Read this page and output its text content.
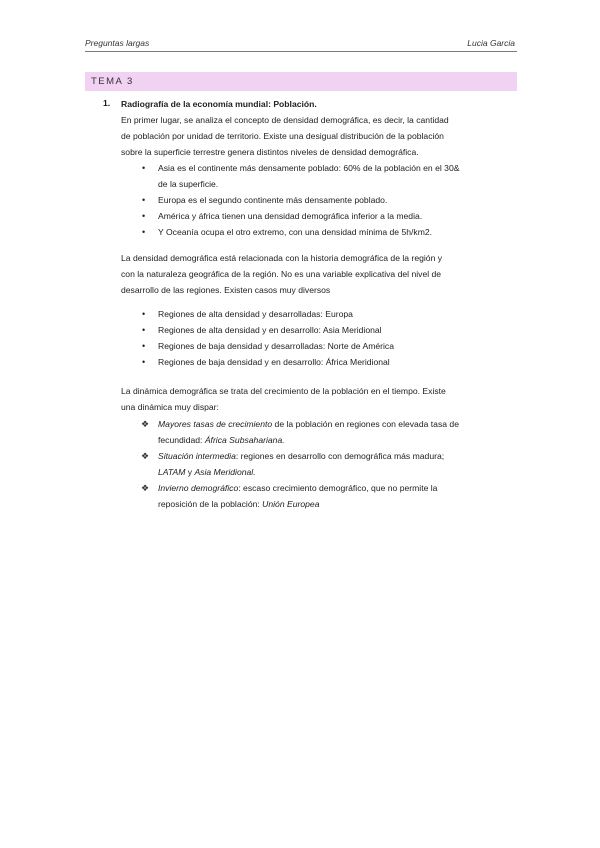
Preguntas largas	Lucia Garcia
TEMA 3
1. Radiografía de la economía mundial: Población.
En primer lugar, se analiza el concepto de densidad demográfica, es decir, la cantidad
de población por unidad de territorio. Existe una desigual distribución de la población
sobre la superficie terrestre genera distintos niveles de densidad demográfica.
• Asia es el continente más densamente poblado: 60% de la población en el 30&
de la superficie.
• Europa es el segundo continente más densamente poblado.
• América y áfrica tienen una densidad demográfica inferior a la media.
• Y Oceanía ocupa el otro extremo, con una densidad mínima de 5h/km2.
La densidad demográfica está relacionada con la historia demográfica de la región y
con la naturaleza geográfica de la región. No es una variable explicativa del nivel de
desarrollo de las regiones. Existen casos muy diversos
• Regiones de alta densidad y desarrolladas: Europa
• Regiones de alta densidad y en desarrollo: Asia Meridional
• Regiones de baja densidad y desarrolladas: Norte de América
• Regiones de baja densidad y en desarrollo: África Meridional
La dinámica demográfica se trata del crecimiento de la población en el tiempo. Existe
una dinámica muy dispar:
❖ Mayores tasas de crecimiento de la población en regiones con elevada tasa de
fecundidad: África Subsahariana.
❖ Situación intermedia: regiones en desarrollo con demográfica más madura;
LATAM y Asia Meridional.
❖ Invierno demográfico: escaso crecimiento demográfico, que no permite la
reposición de la población: Unión Europea
